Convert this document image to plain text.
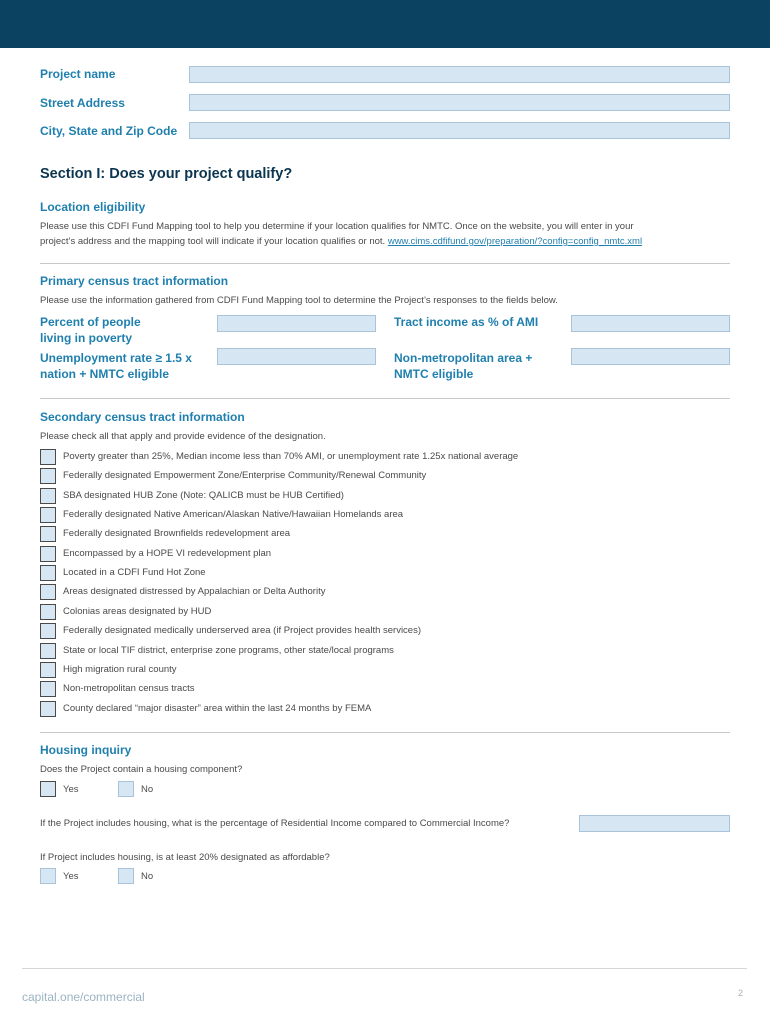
Project name
Street Address
City, State and Zip Code
Section I: Does your project qualify?
Location eligibility
Please use this CDFI Fund Mapping tool to help you determine if your location qualifies for NMTC. Once on the website, you will enter in your
project’s address and the mapping tool will indicate if your location qualifies or not. www.cims.cdfifund.gov/preparation/?config=config_nmtc.xml
Primary census tract information
Please use the information gathered from CDFI Fund Mapping tool to determine the Project’s responses to the fields below.
Percent of people
living in poverty
Tract income as % of AMI
Unemployment rate ≥ 1.5 x
nation + NMTC eligible
Non-metropolitan area +
NMTC eligible
Secondary census tract information
Please check all that apply and provide evidence of the designation.
Poverty greater than 25%, Median income less than 70% AMI, or unemployment rate 1.25x national average
Federally designated Empowerment Zone/Enterprise Community/Renewal Community
SBA designated HUB Zone (Note: QALICB must be HUB Certified)
Federally designated Native American/Alaskan Native/Hawaiian Homelands area
Federally designated Brownfields redevelopment area
Encompassed by a HOPE VI redevelopment plan
Located in a CDFI Fund Hot Zone
Areas designated distressed by Appalachian or Delta Authority
Colonias areas designated by HUD
Federally designated medically underserved area (if Project provides health services)
State or local TIF district, enterprise zone programs, other state/local programs
High migration rural county
Non-metropolitan census tracts
County declared “major disaster” area within the last 24 months by FEMA
Housing inquiry
Does the Project contain a housing component?
Yes	No
If the Project includes housing, what is the percentage of Residential Income compared to Commercial Income?
If Project includes housing, is at least 20% designated as affordable?
Yes	No
capital.one/commercial	2
